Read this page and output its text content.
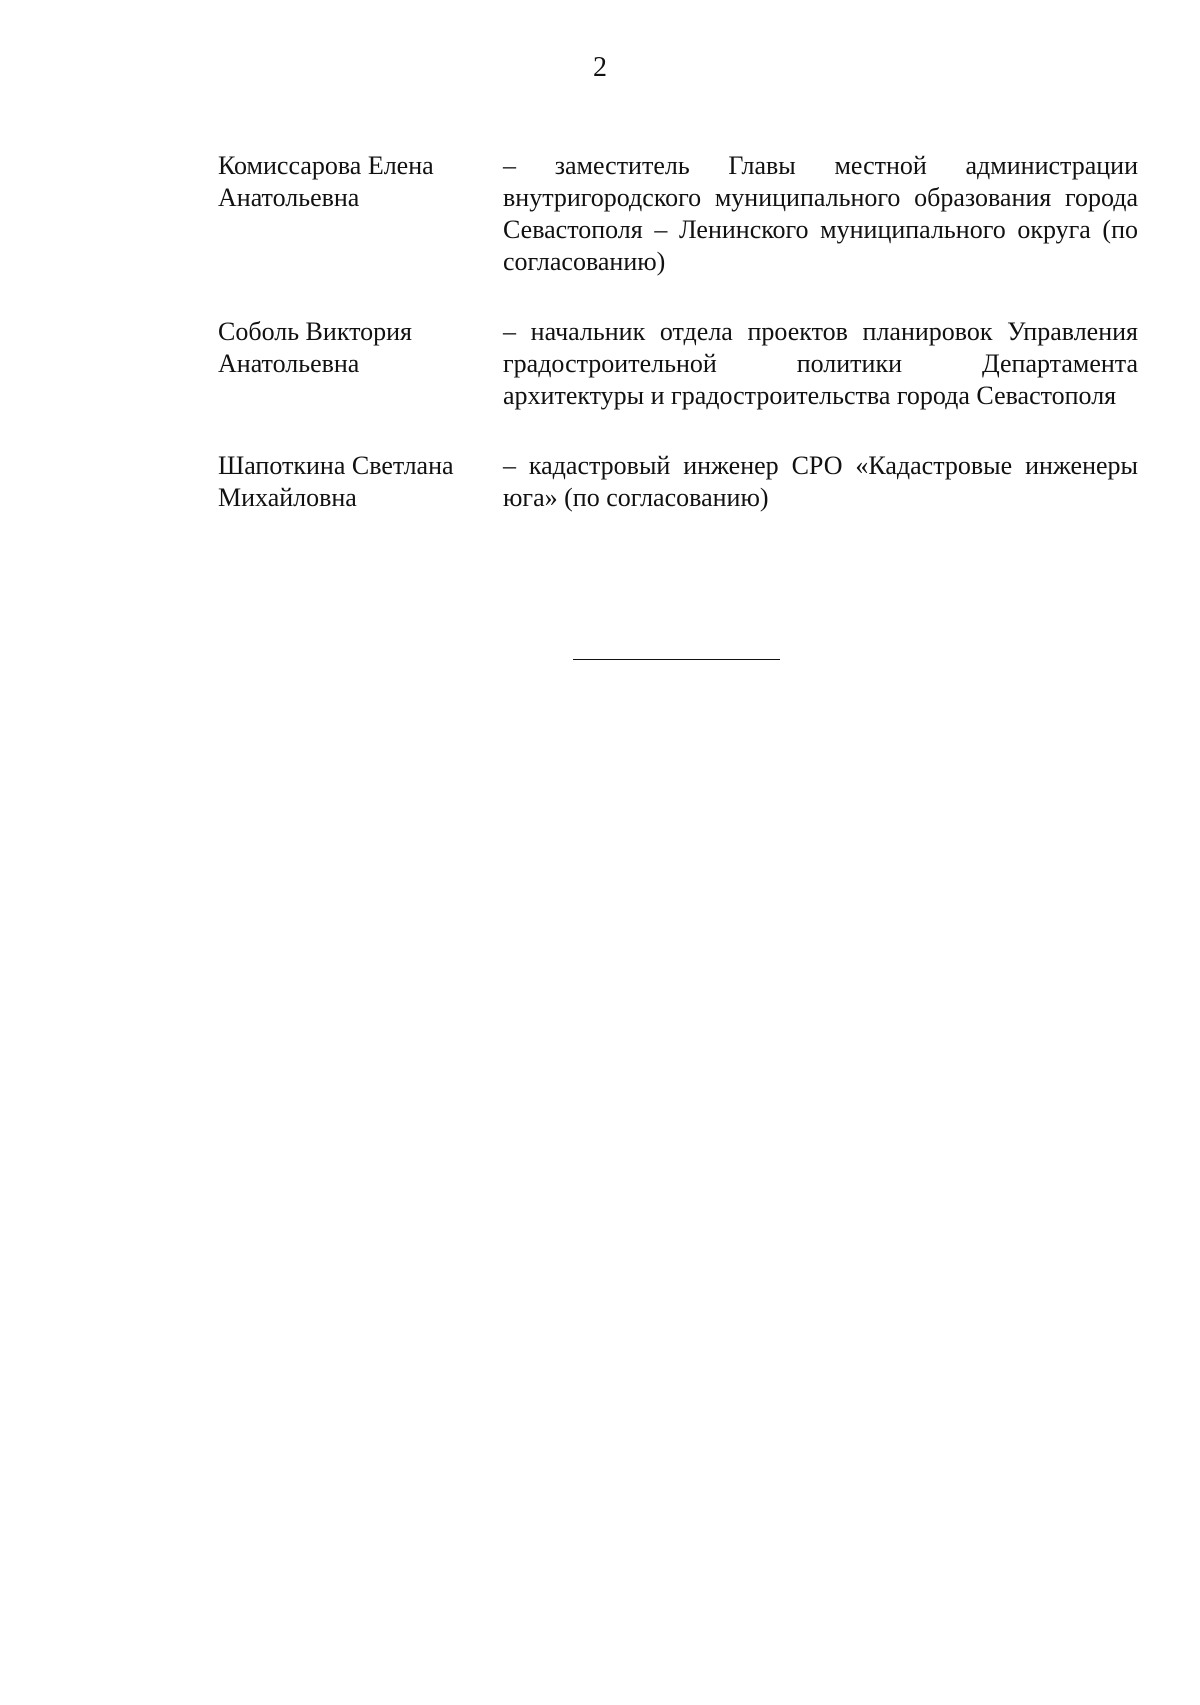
2
Комиссарова Елена
Анатольевна
– заместитель Главы местной администрации внутригородского муниципального образования города Севастополя – Ленинского муниципального округа (по согласованию)
Соболь Виктория
Анатольевна
– начальник отдела проектов планировок Управления градостроительной политики Департамента архитектуры и градостроительства города Севастополя
Шапоткина Светлана
Михайловна
– кадастровый инженер СРО «Кадастровые инженеры юга» (по согласованию)
